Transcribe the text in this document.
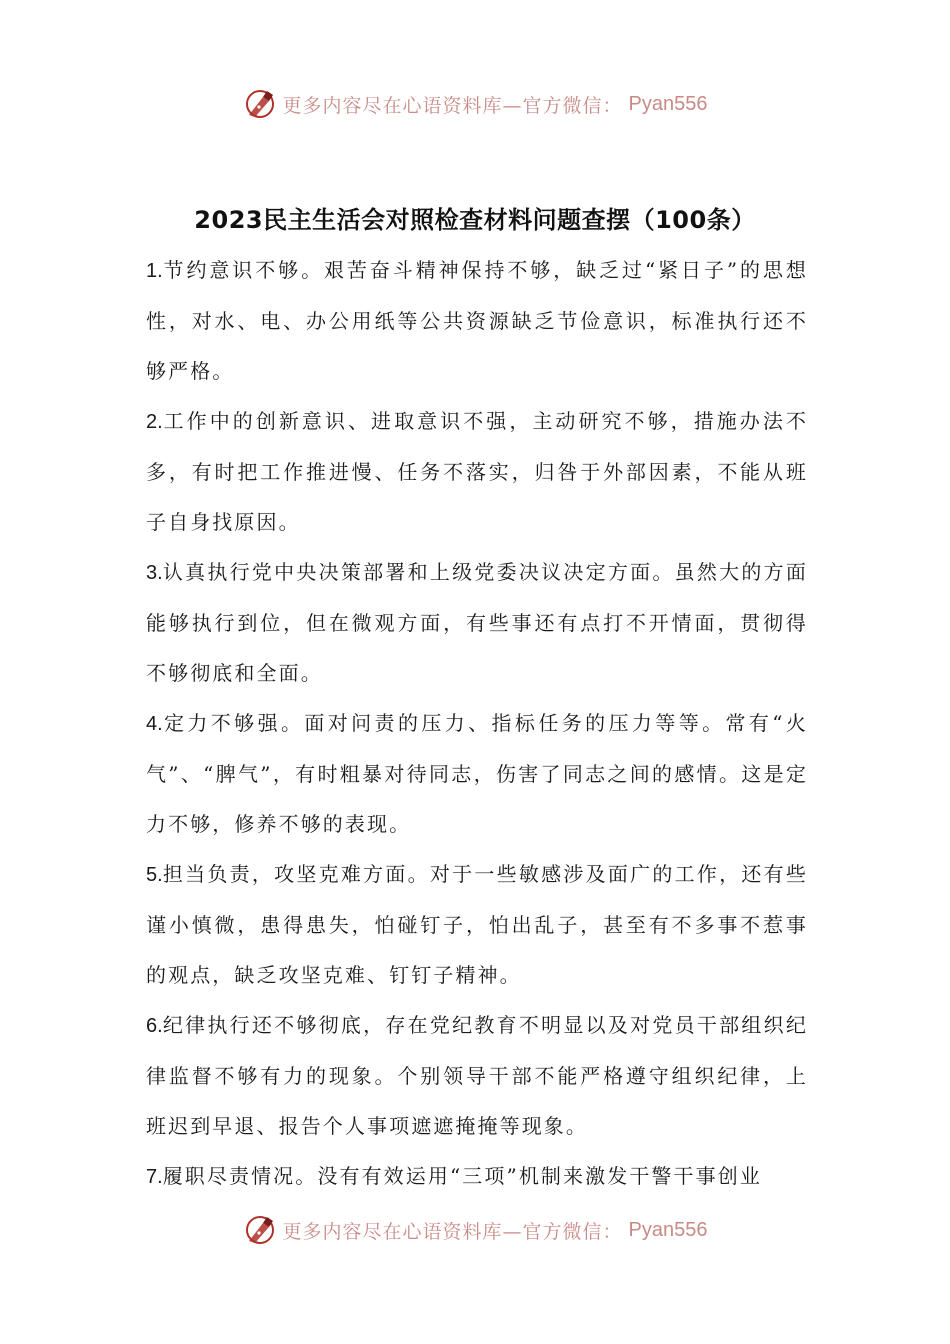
更多内容尽在心语资料库—官方微信： Pyan556
2023民主生活会对照检查材料问题查摆（100条）

1.节约意识不够。艰苦奋斗精神保持不够，缺乏过“紧日子”的思想性，对水、电、办公用纸等公共资源缺乏节俭意识，标准执行还不够严格。

2.工作中的创新意识、进取意识不强，主动研究不够，措施办法不多，有时把工作推进慢、任务不落实，归咎于外部因素，不能从班子自身找原因。

3.认真执行党中央决策部署和上级党委决议决定方面。虽然大的方面能够执行到位，但在微观方面，有些事还有点打不开情面，贯彻得不够彻底和全面。

4.定力不够强。面对问责的压力、指标任务的压力等等。常有“火气”、“脾气”，有时粗暴对待同志，伤害了同志之间的感情。这是定力不够，修养不够的表现。

5.担当负责，攻坚克难方面。对于一些敏感涉及面广的工作，还有些谨小慎微，患得患失，怕碰钉子，怕出乱子，甚至有不多事不惹事的观点，缺乏攻坚克难、钉钉子精神。

6.纪律执行还不够彻底，存在党纪教育不明显以及对党员干部组织纪律监督不够有力的现象。个别领导干部不能严格遵守组织纪律，上班迟到早退、报告个人事项遮遮掩掩等现象。

7.履职尽责情况。没有有效运用“三项”机制来激发干警干事创业

更多内容尽在心语资料库—官方微信： Pyan556
